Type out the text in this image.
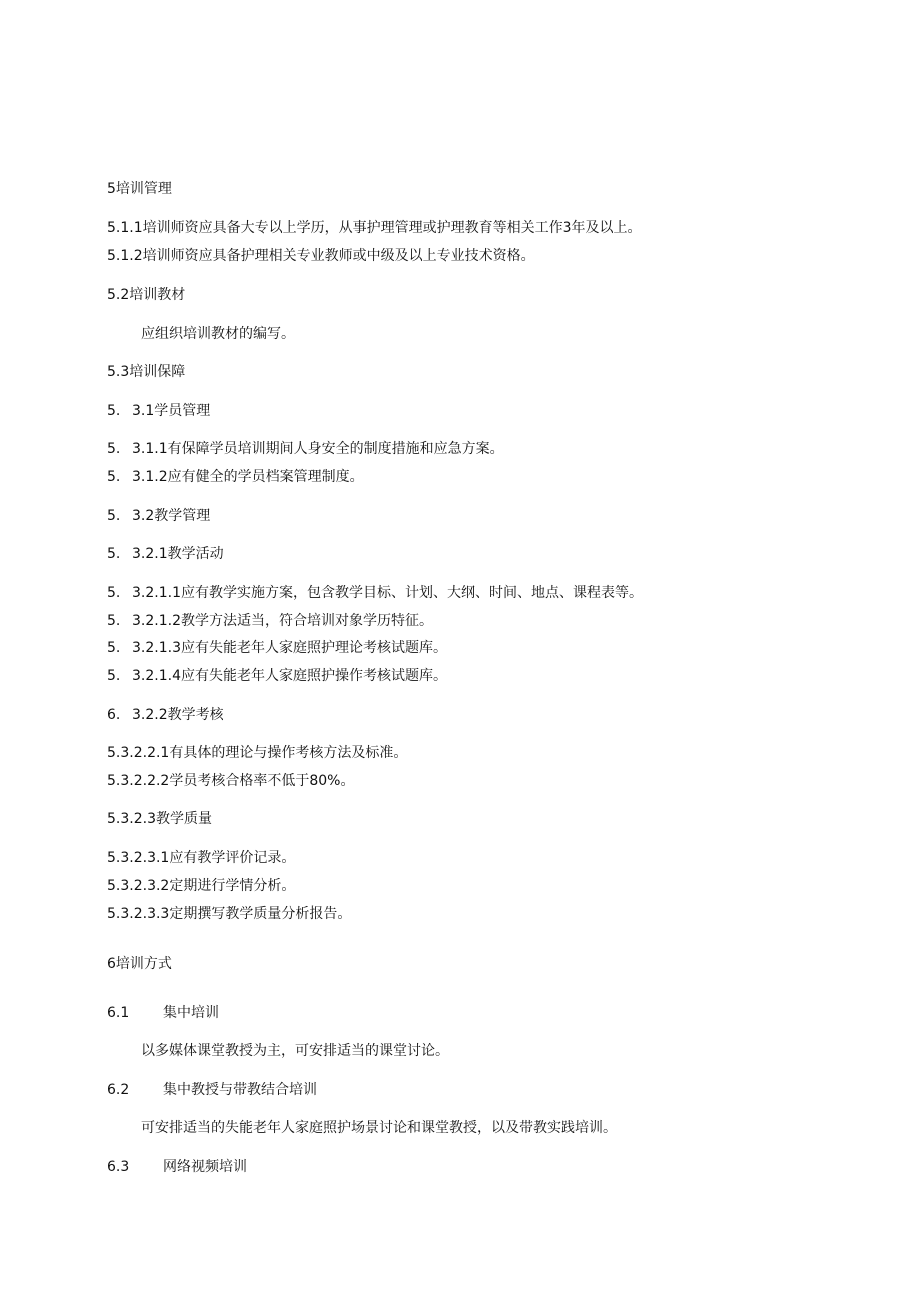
5培训管理
5.1.1培训师资应具备大专以上学历，从事护理管理或护理教育等相关工作3年及以上。
5.1.2培训师资应具备护理相关专业教师或中级及以上专业技术资格。
5.2培训教材
应组织培训教材的编写。
5.3培训保障
5. 3.1学员管理
5. 3.1.1有保障学员培训期间人身安全的制度措施和应急方案。
5. 3.1.2应有健全的学员档案管理制度。
5. 3.2教学管理
5. 3.2.1教学活动
5. 3.2.1.1应有教学实施方案，包含教学目标、计划、大纲、时间、地点、课程表等。
5. 3.2.1.2教学方法适当，符合培训对象学历特征。
5. 3.2.1.3应有失能老年人家庭照护理论考核试题库。
5. 3.2.1.4应有失能老年人家庭照护操作考核试题库。
6. 3.2.2教学考核
5.3.2.2.1有具体的理论与操作考核方法及标准。
5.3.2.2.2学员考核合格率不低于80%。
5.3.2.3教学质量
5.3.2.3.1应有教学评价记录。
5.3.2.3.2定期进行学情分析。
5.3.2.3.3定期撰写教学质量分析报告。
6培训方式
6.1 集中培训
以多媒体课堂教授为主，可安排适当的课堂讨论。
6.2 集中教授与带教结合培训
可安排适当的失能老年人家庭照护场景讨论和课堂教授，以及带教实践培训。
6.3 网络视频培训
